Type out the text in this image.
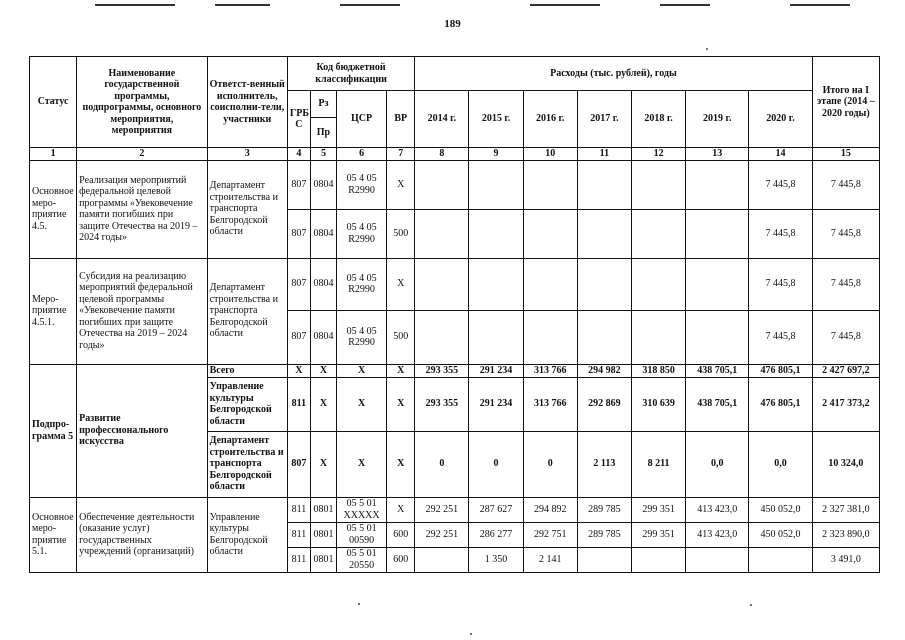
189
Статус	Наименование государственной программы, подпрограммы, основного мероприятия, мероприятия	Ответст-венный исполнитель, соисполни-тели, участники	Код бюджетной классификации				Расходы (тыс. рублей), годы							Итого на I этапе (2014 – 2020 годы)
			ГРБ С	Рз	ЦСР	ВР	2014 г.	2015 г.	2016 г.	2017 г.	2018 г.	2019 г.	2020 г.	
				Пр										
1	2	3	4	5	6	7	8	9	10	11	12	13	14	15
Основное меро-приятие 4.5.	Реализация мероприятий федеральной целевой программы «Увековечение памяти погибших при защите Отечества на 2019 – 2024 годы»	Департамент строительства и транспорта Белгородской области	807	0804	05 4 05 R2990	X							7 445,8	7 445,8
			807	0804	05 4 05 R2990	500							7 445,8	7 445,8
Меро-приятие 4.5.1.	Субсидия на реализацию мероприятий федеральной целевой программы «Увековечение памяти погибших при защите Отечества на 2019 – 2024 годы»	Департамент строительства и транспорта Белгородской области	807	0804	05 4 05 R2990	X							7 445,8	7 445,8
			807	0804	05 4 05 R2990	500							7 445,8	7 445,8
Подпро-грамма 5	Развитие профессионального искусства	Всего	X	X	X	X	293 355	291 234	313 766	294 982	318 850	438 705,1	476 805,1	2 427 697,2
		Управление культуры Белгородской области	811	X	X	X	293 355	291 234	313 766	292 869	310 639	438 705,1	476 805,1	2 417 373,2
		Департамент строительства и транспорта Белгородской области	807	X	X	X	0	0	0	2 113	8 211	0,0	0,0	10 324,0
Основное меро-приятие 5.1.	Обеспечение деятельности (оказание услуг) государственных учреждений (организаций)	Управление культуры Белгородской области	811	0801	05 5 01 XXXXX	X	292 251	287 627	294 892	289 785	299 351	413 423,0	450 052,0	2 327 381,0
			811	0801	05 5 01 00590	600	292 251	286 277	292 751	289 785	299 351	413 423,0	450 052,0	2 323 890,0
			811	0801	05 5 01 20550	600		1 350	2 141					3 491,0
